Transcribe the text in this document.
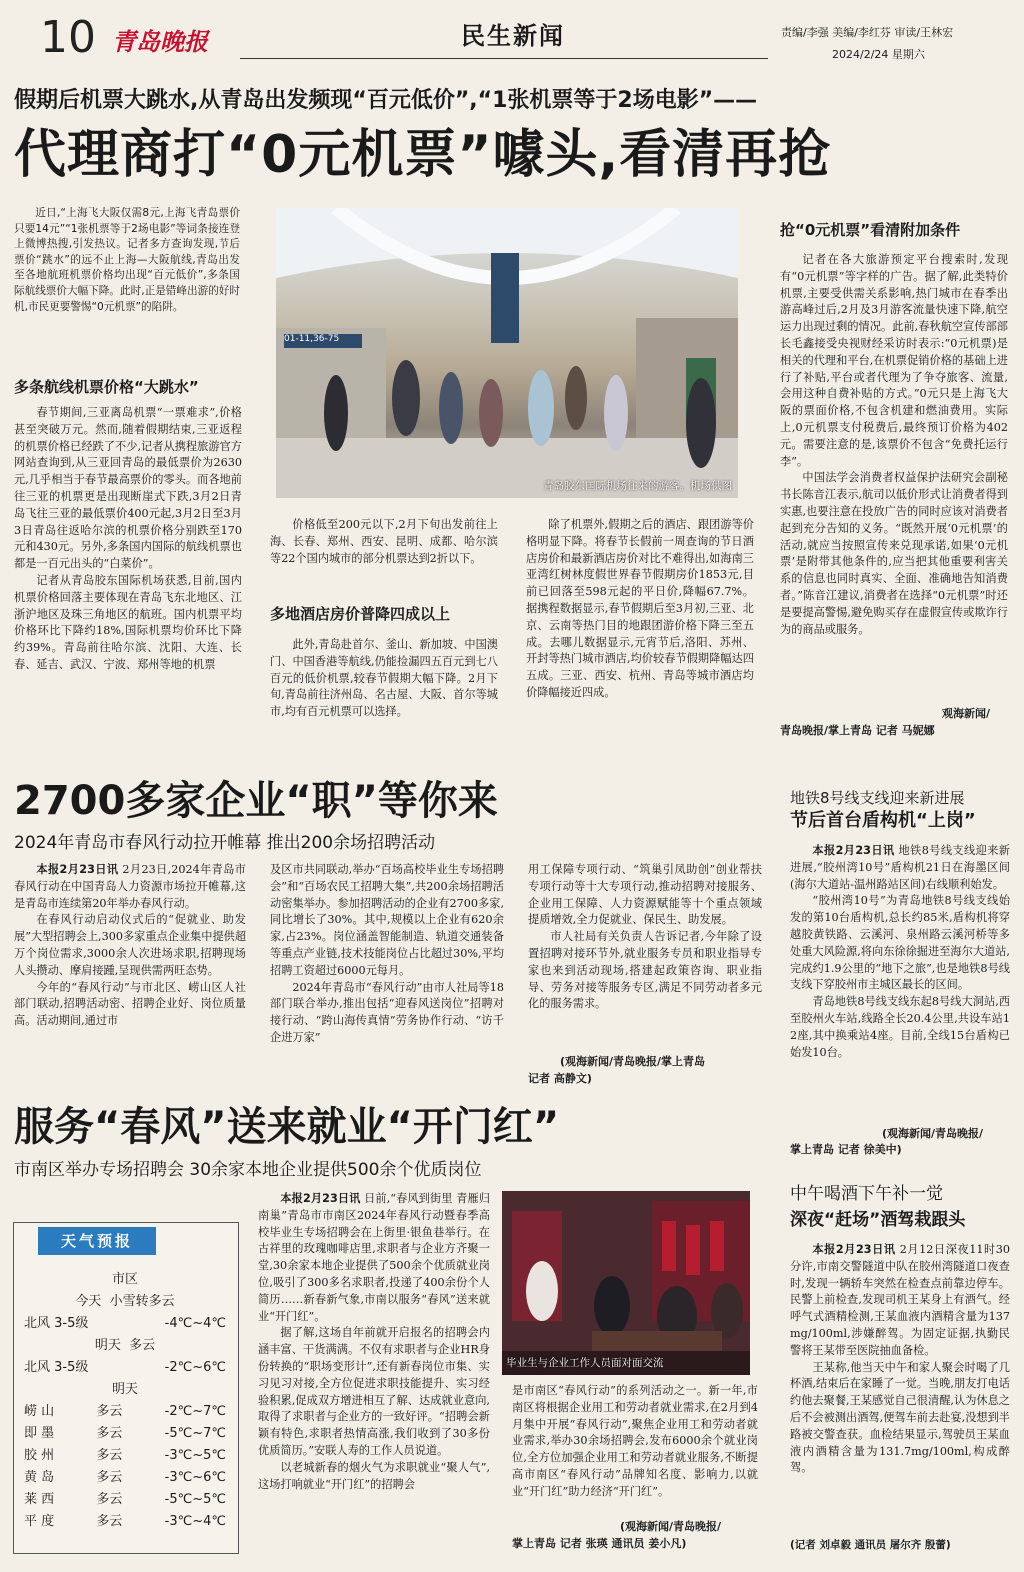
10 青岛晚报	民生新闻	责编/李强 美编/李红芬 审读/王林宏
2024/2/24 星期六
假期后机票大跳水,从青岛出发频现“百元低价”,“1张机票等于2场电影”——
代理商打“0元机票”噱头,看清再抢

近日,“上海飞大阪仅需8元,上海飞青岛票价只要14元”“1张机票等于2场电影”等词条接连登上微博热搜,引发热议。记者多方查询发现,节后票价“跳水”的远不止上海—大阪航线,青岛出发至各地航班机票价格均出现“百元低价”,多条国际航线票价大幅下降。此时,正是错峰出游的好时机,市民更要警惕“0元机票”的陷阱。

多条航线机票价格“大跳水”

春节期间,三亚离岛机票“一票难求”,价格甚至突破万元。然而,随着假期结束,三亚返程的机票价格已经跌了不少,记者从携程旅游官方网站查询到,从三亚回青岛的最低票价为2630元,几乎相当于春节最高票价的零头。而各地前往三亚的机票更是出现断崖式下跌,3月2日青岛飞往三亚的最低票价400元起,3月2日至3月3日青岛往返哈尔滨的机票价格分别跌至170元和430元。另外,多条国内国际的航线机票也都是一百元出头的“白菜价”。

记者从青岛胶东国际机场获悉,目前,国内机票价格回落主要体现在青岛飞东北地区、江浙沪地区及珠三角地区的航班。国内机票平均价格环比下降约18%,国际机票均价环比下降约39%。青岛前往哈尔滨、沈阳、大连、长春、延吉、武汉、宁波、郑州等地的机票

01-11,36-75
青岛胶东国际机场往来的游客。机场供图

价格低至200元以下,2月下旬出发前往上海、长春、郑州、西安、昆明、成都、哈尔滨等22个国内城市的部分机票达到2折以下。

多地酒店房价普降四成以上

此外,青岛赴首尔、釜山、新加坡、中国澳门、中国香港等航线,仍能捡漏四五百元到七八百元的低价机票,较春节假期大幅下降。2月下旬,青岛前往济州岛、名古屋、大阪、首尔等城市,均有百元机票可以选择。

除了机票外,假期之后的酒店、跟团游等价格明显下降。将春节长假前一周查询的节日酒店房价和最新酒店房价对比不难得出,如海南三亚湾红树林度假世界春节假期房价1853元,目前已回落至598元起的平日价,降幅67.7%。据携程数据显示,春节假期后至3月初,三亚、北京、云南等热门目的地跟团游价格下降三至五成。去哪儿数据显示,元宵节后,洛阳、苏州、开封等热门城市酒店,均价较春节假期降幅达四五成。三亚、西安、杭州、青岛等城市酒店均价降幅接近四成。

抢“0元机票”看清附加条件

记者在各大旅游预定平台搜索时,发现有“0元机票”等字样的广告。据了解,此类特价机票,主要受供需关系影响,热门城市在春季出游高峰过后,2月及3月游客流量快速下降,航空运力出现过剩的情况。此前,春秋航空宣传部部长毛鑫接受央视财经采访时表示:“0元机票)是相关的代理和平台,在机票促销价格的基础上进行了补贴,平台或者代理为了争夺旅客、流量,会用这种自费补贴的方式。”0元只是上海飞大阪的票面价格,不包含机建和燃油费用。实际上,0元机票支付税费后,最终预订价格为402元。需要注意的是,该票价不包含“免费托运行李”。

中国法学会消费者权益保护法研究会副秘书长陈音江表示,航司以低价形式让消费者得到实惠,也要注意在投放广告的同时应该对消费者起到充分告知的义务。“既然开展‘0元机票’的活动,就应当按照宣传来兑现承诺,如果‘0元机票’是附带其他条件的,应当把其他重要利害关系的信息也同时真实、全面、准确地告知消费者。”陈音江建议,消费者在选择“0元机票”时还是要提高警惕,避免购买存在虚假宣传或欺诈行为的商品或服务。

观海新闻/
青岛晚报/掌上青岛 记者 马妮娜
2700多家企业“职”等你来
2024年青岛市春风行动拉开帷幕 推出200余场招聘活动

本报2月23日讯 2月23日,2024年青岛市春风行动在中国青岛人力资源市场拉开帷幕,这是青岛市连续第20年举办春风行动。

在春风行动启动仪式后的“促就业、助发展”大型招聘会上,300多家重点企业集中提供超万个岗位需求,3000余人次进场求职,招聘现场人头攒动、摩肩接踵,呈现供需两旺态势。

今年的“春风行动”与市北区、崂山区人社部门联动,招聘活动密、招聘企业好、岗位质量高。活动期间,通过市

及区市共同联动,举办“百场高校毕业生专场招聘会”和“百场农民工招聘大集”,共200余场招聘活动密集举办。参加招聘活动的企业有2700多家,同比增长了30%。其中,规模以上企业有620余家,占23%。岗位涵盖智能制造、轨道交通装备等重点产业链,技术技能岗位占比超过30%,平均招聘工资超过6000元每月。

2024年青岛市“春风行动”由市人社局等18部门联合举办,推出包括“迎春风送岗位”招聘对接行动、“跨山海传真情”劳务协作行动、“访千企进万家”

用工保障专项行动、“筑巢引凤助创”创业帮扶专项行动等十大专项行动,推动招聘对接服务、企业用工保障、人力资源赋能等十个重点领域提质增效,全力促就业、保民生、助发展。

市人社局有关负责人告诉记者,今年除了设置招聘对接环节外,就业服务专员和职业指导专家也来到活动现场,搭建起政策咨询、职业指导、劳务对接等服务专区,满足不同劳动者多元化的服务需求。

(观海新闻/青岛晚报/掌上青岛
记者 高静文)
地铁8号线支线迎来新进展
节后首台盾构机“上岗”

本报2月23日讯 地铁8号线支线迎来新进展,“胶州湾10号”盾构机21日在海墨区间(海尔大道站-温州路站区间)右线顺利始发。

“胶州湾10号”为青岛地铁8号线支线始发的第10台盾构机,总长约85米,盾构机将穿越胶黄铁路、云溪河、泉州路云溪河桥等多处重大风险源,将向东徐徐掘进至海尔大道站,完成约1.9公里的“地下之旅”,也是地铁8号线支线下穿胶州市主城区最长的区间。

青岛地铁8号线支线东起8号线大洞站,西至胶州火车站,线路全长20.4公里,共设车站12座,其中换乘站4座。目前,全线15台盾构已始发10台。

(观海新闻/青岛晚报/
掌上青岛 记者 徐美中)
服务“春风”送来就业“开门红”
市南区举办专场招聘会 30余家本地企业提供500余个优质岗位

本报2月23日讯 日前,“春风到街里 青雁归南巢”青岛市市南区2024年春风行动暨春季高校毕业生专场招聘会在上街里·银鱼巷举行。在古祥里的玫瑰咖啡店里,求职者与企业方齐聚一堂,30余家本地企业提供了500余个优质就业岗位,吸引了300多名求职者,投递了400余份个人简历……新春新气象,市南以服务“春风”送来就业“开门红”。

据了解,这场自年前就开启报名的招聘会内涵丰富、干货满满。不仅有求职者与企业HR身份转换的“职场变形计”,还有新春岗位市集、实习见习对接,全方位促进求职技能提升、实习经验积累,促成双方增进相互了解、达成就业意向,取得了求职者与企业方的一致好评。“招聘会新颖有特色,求职者热情高涨,我们收到了30多份优质简历。”安联人寿的工作人员说道。

以老城新春的烟火气为求职就业“聚人气”,这场打响就业“开门红”的招聘会

毕业生与企业工作人员面对面交流

是市南区“春风行动”的系列活动之一。新一年,市南区将根据企业用工和劳动者就业需求,在2月到4月集中开展“春风行动”,聚焦企业用工和劳动者就业需求,举办30余场招聘会,发布6000余个就业岗位,全方位加强企业用工和劳动者就业服务,不断提高市南区“春风行动”品牌知名度、影响力,以就业“开门红”助力经济“开门红”。

(观海新闻/青岛晚报/
掌上青岛 记者 张瑛 通讯员 姜小凡)
中午喝酒下午补一觉
深夜“赶场”酒驾栽跟头

本报2月23日讯 2月12日深夜11时30分许,市南交警隧道中队在胶州湾隧道口夜查时,发现一辆轿车突然在检查点前靠边停车。民警上前检查,发现司机王某身上有酒气。经呼气式酒精检测,王某血液内酒精含量为137mg/100ml,涉嫌醉驾。为固定证据,执勤民警将王某带至医院抽血备检。

王某称,他当天中午和家人聚会时喝了几杯酒,结束后在家睡了一觉。当晚,朋友打电话约他去聚餐,王某感觉自己很清醒,认为休息之后不会被测出酒驾,便驾车前去赴宴,没想到半路被交警查获。血检结果显示,驾驶员王某血液内酒精含量为131.7mg/100ml,构成醉驾。

(记者 刘卓毅 通讯员 屠尔齐 殷蕾)
天气预报
市区
今天 小雪转多云
北风 3-5级	-4℃~4℃
明天 多云
北风 3-5级	-2℃~6℃
明天
崂 山	多云	-2℃~7℃
即 墨	多云	-5℃~7℃
胶 州	多云	-3℃~5℃
黄 岛	多云	-3℃~6℃
莱 西	多云	-5℃~5℃
平 度	多云	-3℃~4℃
